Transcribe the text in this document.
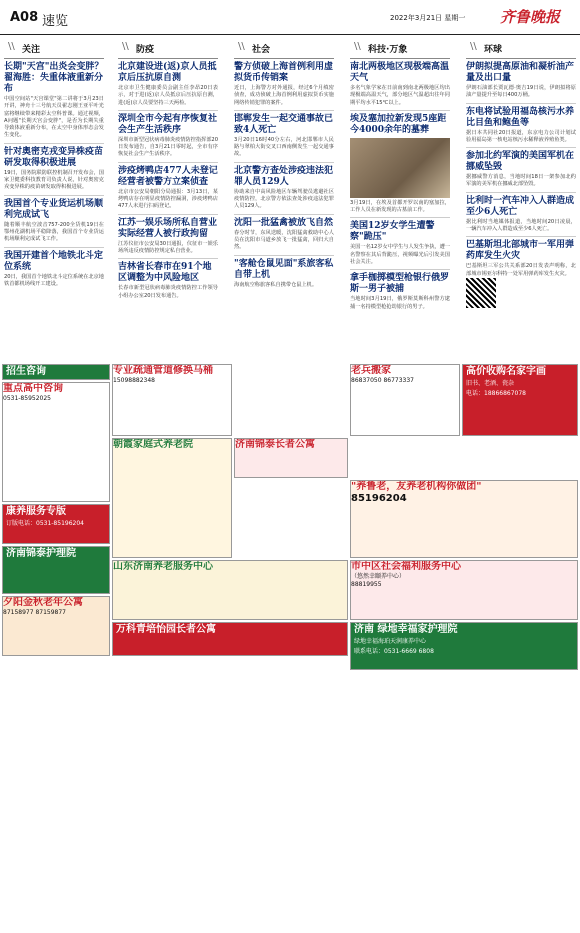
A08 速览	2022年3月21日 星期一 齐鲁晚报
\\ 关注
长期"天宫"出炎会变胖？翟海胜：失重体液重新分布

中国空间站"天宫课堂"第二讲将于3月23日开讲，神舟十三号航天员翟志刚王亚平叶光富将继续带来精彩太空科普课。通过视频，A问题"长期天宫会变胖"，是否为长期失重导致体液重新分布，在太空中身体形态会发生变化。

针对奥密克戎变异株疫苗研发取得积极进展

19日，国务院联防联控机制召开发布会，国家卫健委科技教育司负责人说，针对奥密克戎变异株的疫苗研发取得积极进展。

我国首个专业货运机场顺利完成试飞

随着顺丰航空波音757-200全货机19日在鄂州花湖机场平稳降落，我国首个专业货运机场顺利完成试飞工作。

我国开建首个地铁北斗定位系统

20日，我国首个地铁北斗定位系统在北京地铁首都机场线开工建设。

\\ 防疫
北京建设进(返)京人员抵京后压抗原自测

北京市卫生健康委员会副主任李昂20日表示，对于进(返)京人员抵京后压抗原自测，进(返)京人员要坚持三天两检。

深圳全市今起有序恢复社会生产生活秩序

深圳市新型冠状病毒肺炎疫情防控指挥部20日发布通告，自3月21日零时起，全市有序恢复社会生产生活秩序。

涉疫烤鸭店477人未登记经营者被警方立案侦查

北京市公安局朝阳分局通报：3月13日，某烤鸭店存在明显疫情防控漏洞，涉疫烤鸭店477人未进行扫码登记。

江苏一娱乐场所私自营业实际经营人被行政拘留

江苏仪征市公安局30日通报，仪征市一娱乐场所违反疫情防控规定私自营业。

吉林省长春市在91个地区调整为中风险地区

长春市新型冠状病毒肺炎疫情防控工作领导小组办公室20日发布通告。

\\ 社会
警方侦破上海首例利用虚拟货币传销案

近日，上海警方对外通报，经过6个月缜密侦查，成功侦破上海首例利用虚拟货币实施网络传销犯罪的案件。

邯郸发生一起交通事故已致4人死亡

3月20日16时40分左右，河北邯郸市人民路与翠柏大街交叉口西南侧发生一起交通事故。

北京警方查处涉疫违法犯罪人员129人

协助来自中高风险地区车辆驾驶员逃避社区疫情防控，北京警方依法查处涉疫违法犯罪人员129人。

沈阳一批猛禽被放飞自然

春分时节，东风送暖，沈阳猛禽救助中心人员在沈阳市马道乡放飞一批猛禽，回归大自然。

"客舱仓鼠见面"系旅客私自带上机

海南航空称旅客私自携带仓鼠上机。

\\ 科技·万象
南北两极地区现极端高温天气

多名气象学家在日前南到南北两极地区均出现极端高温天气，部分地区气温超出往年同期平均水平15℃以上。

埃及塞加拉新发现5座距今4000余年的墓葬

3月19日，在埃及首都开罗以南的塞加拉，工作人员在新发现的古墓前工作。

美国12岁女学生遭警察"跪压"

美国一名12岁女中学生与人发生争执，遭一名警察在其后背跪压，视频曝光后引发美国社会关注。

拿手枷掷模型枪银行俄罗斯一男子被捕

当地时间3月19日，俄罗斯莫斯科州警方逮捕一名持模型枪抢劫银行的男子。

\\ 环球
伊朗拟提高原油和凝析油产量及出口量

伊朗石油部长贾瓦德·奥吉19日说，伊朗拟将原油产量提升至每日400万桶。

东电将试验用福岛核污水养比目鱼和鲍鱼等

据日本共同社20日报道，东京电力公司计划试验用福岛第一核电站核污水稀释液养殖鱼类。

参加北约军演的美国军机在挪威坠毁

据挪威警方消息，当地时间18日一架参加北约军演的美军机在挪威北部坠毁。

比利时一汽车冲入人群造成至少6人死亡

据比利时当地媒体报道，当地时间20日凌晨，一辆汽车冲入人群造成至少6人死亡。

巴基斯坦北部城市一军用弹药库发生火灾

巴基斯坦三军公共关系部20日发表声明称，北部城市锡亚尔科特一处军用弹药库发生火灾。

招生咨询
重点高中咨询
0531-85952025
康养服务专版
订版电话：0531-85196204
济南锦泰护理院
夕阳金秋老年公寓
87158977 87159877
专业疏通管道修换马桶
15098882348
朝霞家庭式养老院	济南锦泰长者公寓
山东济南养老服务中心
万科青培怡园长者公寓
老兵搬家
86837050 86773337
高价收购名家字画
旧书、老酒、瓷杂
电话：18866867078
"养鲁老，友养老机构你做团"
85196204
市中区社会福利服务中心
（悠然幸颐养中心）
88819955
济南 绿地幸福家护理院
绿地幸福海珀天润康养中心
联系电话：0531-6669 6808
